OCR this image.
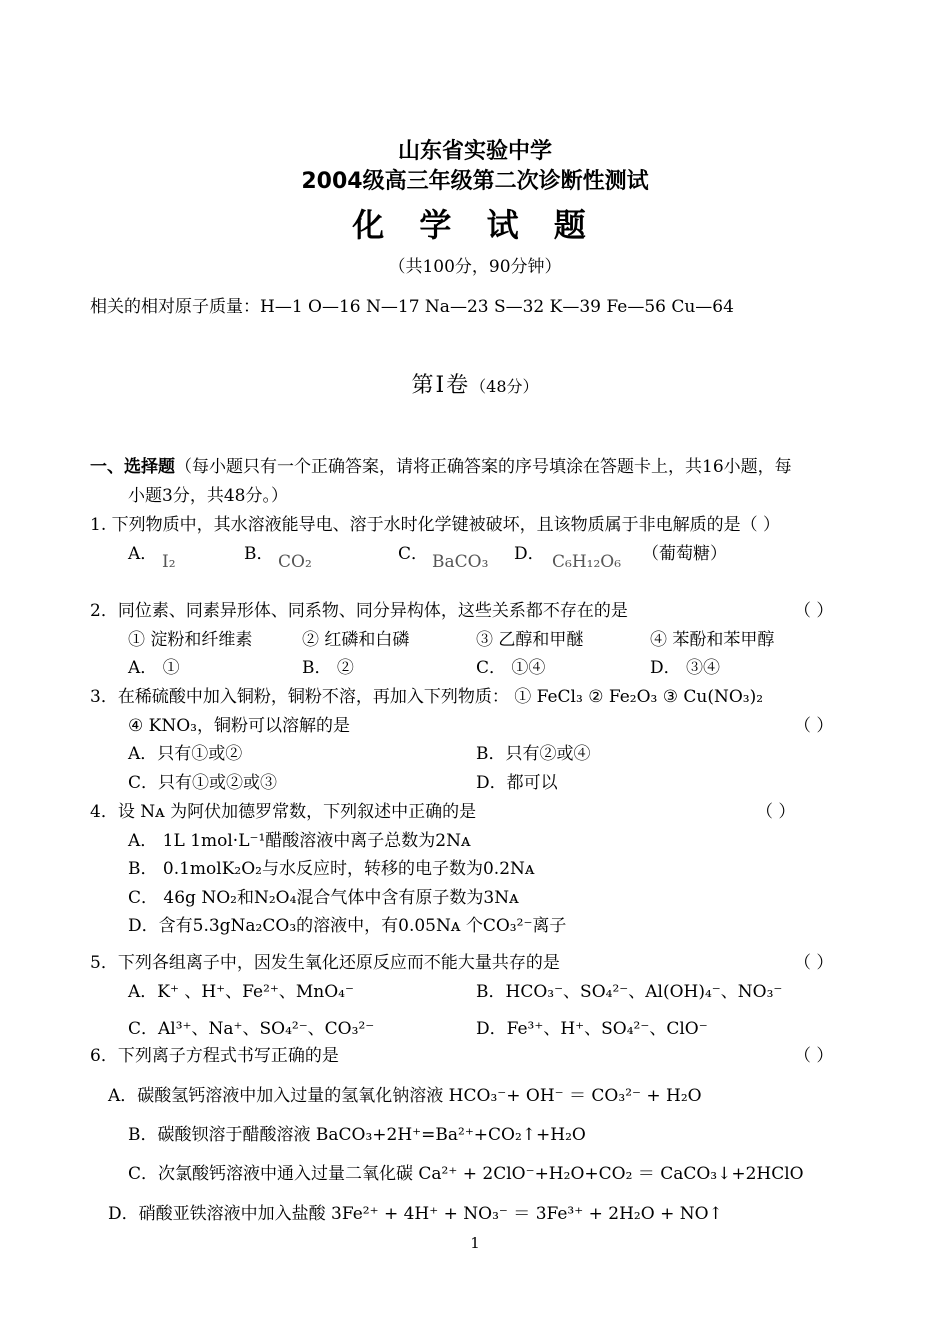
山东省实验中学
2004级高三年级第二次诊断性测试
化 学 试 题
（共100分，90分钟）
相关的相对原子质量：H—1 O—16 N—17 Na—23 S—32 K—39 Fe—56 Cu—64
第Ⅰ卷（48分）
一、选择题（每小题只有一个正确答案，请将正确答案的序号填涂在答题卡上，共16小题，每
小题3分，共48分。）
1. 下列物质中，其水溶液能导电、溶于水时化学键被破坏，且该物质属于非电解质的是（ ）
A． I₂	B． CO₂	C． BaCO₃ D． C₆H₁₂O₆ （葡萄糖）
2．同位素、同素异形体、同系物、同分异构体，这些关系都不存在的是	（ ）
① 淀粉和纤维素	② 红磷和白磷	③ 乙醇和甲醚	④ 苯酚和苯甲醇
A． ①	B． ②	C． ①④	D． ③④
3．在稀硫酸中加入铜粉，铜粉不溶，再加入下列物质： ① FeCl₃ ② Fe₂O₃ ③ Cu(NO₃)₂
④ KNO₃，铜粉可以溶解的是	（ ）
A．只有①或②	B．只有②或④
C．只有①或②或③	D．都可以
4．设 Nᴀ 为阿伏加德罗常数，下列叙述中正确的是	（ ）
A． 1L 1mol·L⁻¹醋酸溶液中离子总数为2Nᴀ
B． 0.1molK₂O₂与水反应时，转移的电子数为0.2Nᴀ
C． 46g NO₂和N₂O₄混合气体中含有原子数为3Nᴀ
D．含有5.3gNa₂CO₃的溶液中，有0.05Nᴀ 个CO₃²⁻离子
5．下列各组离子中，因发生氧化还原反应而不能大量共存的是	（ ）
A．K⁺ 、H⁺、Fe²⁺、MnO₄⁻	B．HCO₃⁻、SO₄²⁻、Al(OH)₄⁻、NO₃⁻
C．Al³⁺、Na⁺、SO₄²⁻、CO₃²⁻	D．Fe³⁺、H⁺、SO₄²⁻、ClO⁻
6．下列离子方程式书写正确的是	（ ）
A．碳酸氢钙溶液中加入过量的氢氧化钠溶液 HCO₃⁻+ OH⁻ ＝ CO₃²⁻ + H₂O
B．碳酸钡溶于醋酸溶液 BaCO₃+2H⁺=Ba²⁺+CO₂↑+H₂O
C．次氯酸钙溶液中通入过量二氧化碳 Ca²⁺ + 2ClO⁻+H₂O+CO₂ ＝ CaCO₃↓+2HClO
D．硝酸亚铁溶液中加入盐酸 3Fe²⁺ + 4H⁺ + NO₃⁻ ＝ 3Fe³⁺ + 2H₂O + NO↑
1
